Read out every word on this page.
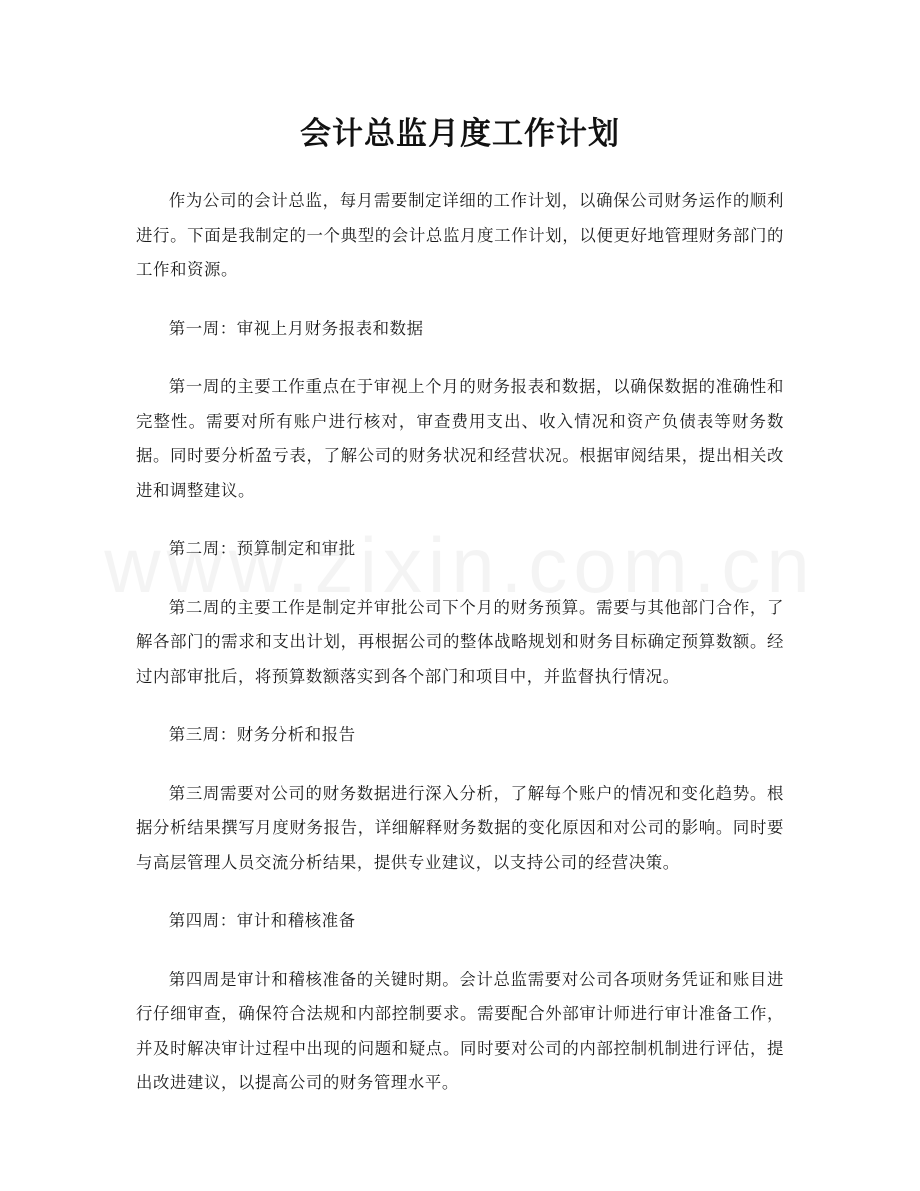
会计总监月度工作计划

作为公司的会计总监，每月需要制定详细的工作计划，以确保公司财务运作的顺利进行。下面是我制定的一个典型的会计总监月度工作计划，以便更好地管理财务部门的工作和资源。

第一周：审视上月财务报表和数据

第一周的主要工作重点在于审视上个月的财务报表和数据，以确保数据的准确性和完整性。需要对所有账户进行核对，审查费用支出、收入情况和资产负债表等财务数据。同时要分析盈亏表，了解公司的财务状况和经营状况。根据审阅结果，提出相关改进和调整建议。

第二周：预算制定和审批

第二周的主要工作是制定并审批公司下个月的财务预算。需要与其他部门合作，了解各部门的需求和支出计划，再根据公司的整体战略规划和财务目标确定预算数额。经过内部审批后，将预算数额落实到各个部门和项目中，并监督执行情况。

第三周：财务分析和报告

第三周需要对公司的财务数据进行深入分析，了解每个账户的情况和变化趋势。根据分析结果撰写月度财务报告，详细解释财务数据的变化原因和对公司的影响。同时要与高层管理人员交流分析结果，提供专业建议，以支持公司的经营决策。

第四周：审计和稽核准备

第四周是审计和稽核准备的关键时期。会计总监需要对公司各项财务凭证和账目进行仔细审查，确保符合法规和内部控制要求。需要配合外部审计师进行审计准备工作，并及时解决审计过程中出现的问题和疑点。同时要对公司的内部控制机制进行评估，提出改进建议，以提高公司的财务管理水平。
